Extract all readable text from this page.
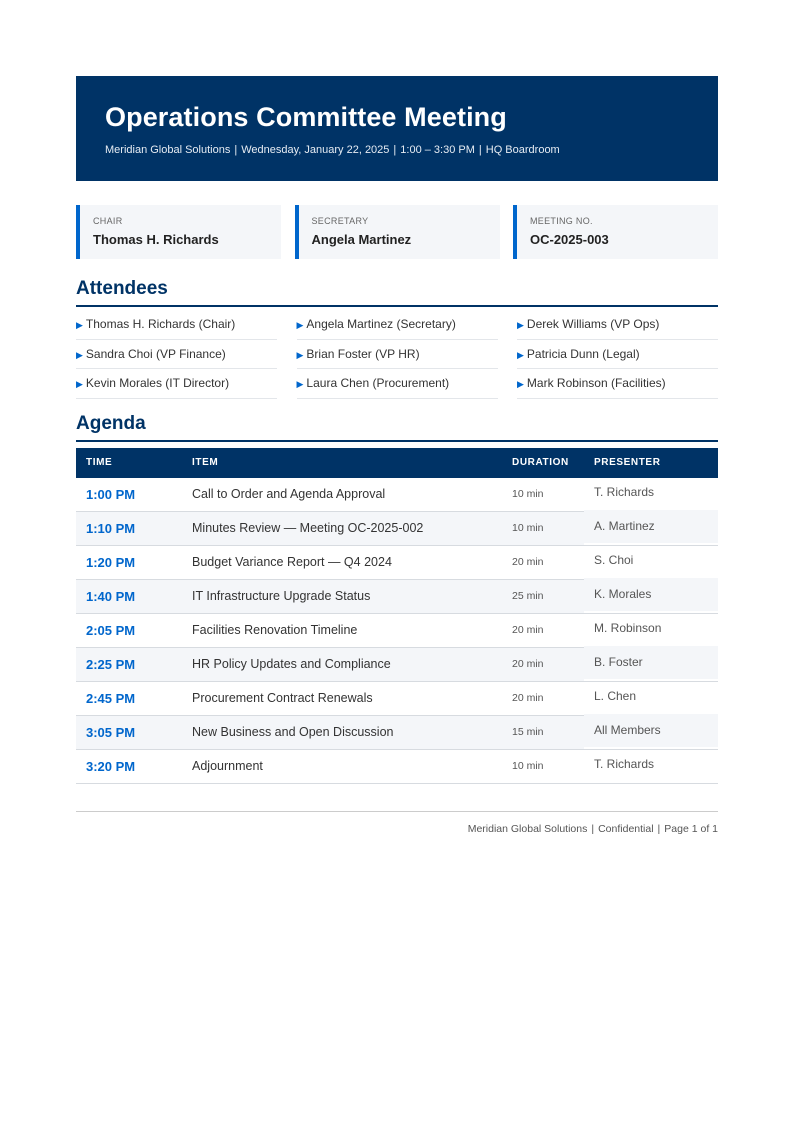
Operations Committee Meeting
Meridian Global Solutions | Wednesday, January 22, 2025 | 1:00 – 3:30 PM | HQ Boardroom
CHAIR
Thomas H. Richards
SECRETARY
Angela Martinez
MEETING NO.
OC-2025-003
Attendees
▶ Thomas H. Richards (Chair)	▶ Angela Martinez (Secretary)	▶ Derek Williams (VP Ops)
▶ Sandra Choi (VP Finance)	▶ Brian Foster (VP HR)	▶ Patricia Dunn (Legal)
▶ Kevin Morales (IT Director)	▶ Laura Chen (Procurement)	▶ Mark Robinson (Facilities)
Agenda
TIME	ITEM	DURATION	PRESENTER
1:00 PM	Call to Order and Agenda Approval	10 min	T. Richards
1:10 PM	Minutes Review — Meeting OC-2025-002	10 min	A. Martinez
1:20 PM	Budget Variance Report — Q4 2024	20 min	S. Choi
1:40 PM	IT Infrastructure Upgrade Status	25 min	K. Morales
2:05 PM	Facilities Renovation Timeline	20 min	M. Robinson
2:25 PM	HR Policy Updates and Compliance	20 min	B. Foster
2:45 PM	Procurement Contract Renewals	20 min	L. Chen
3:05 PM	New Business and Open Discussion	15 min	All Members
3:20 PM	Adjournment	10 min	T. Richards
Meridian Global Solutions | Confidential | Page 1 of 1
